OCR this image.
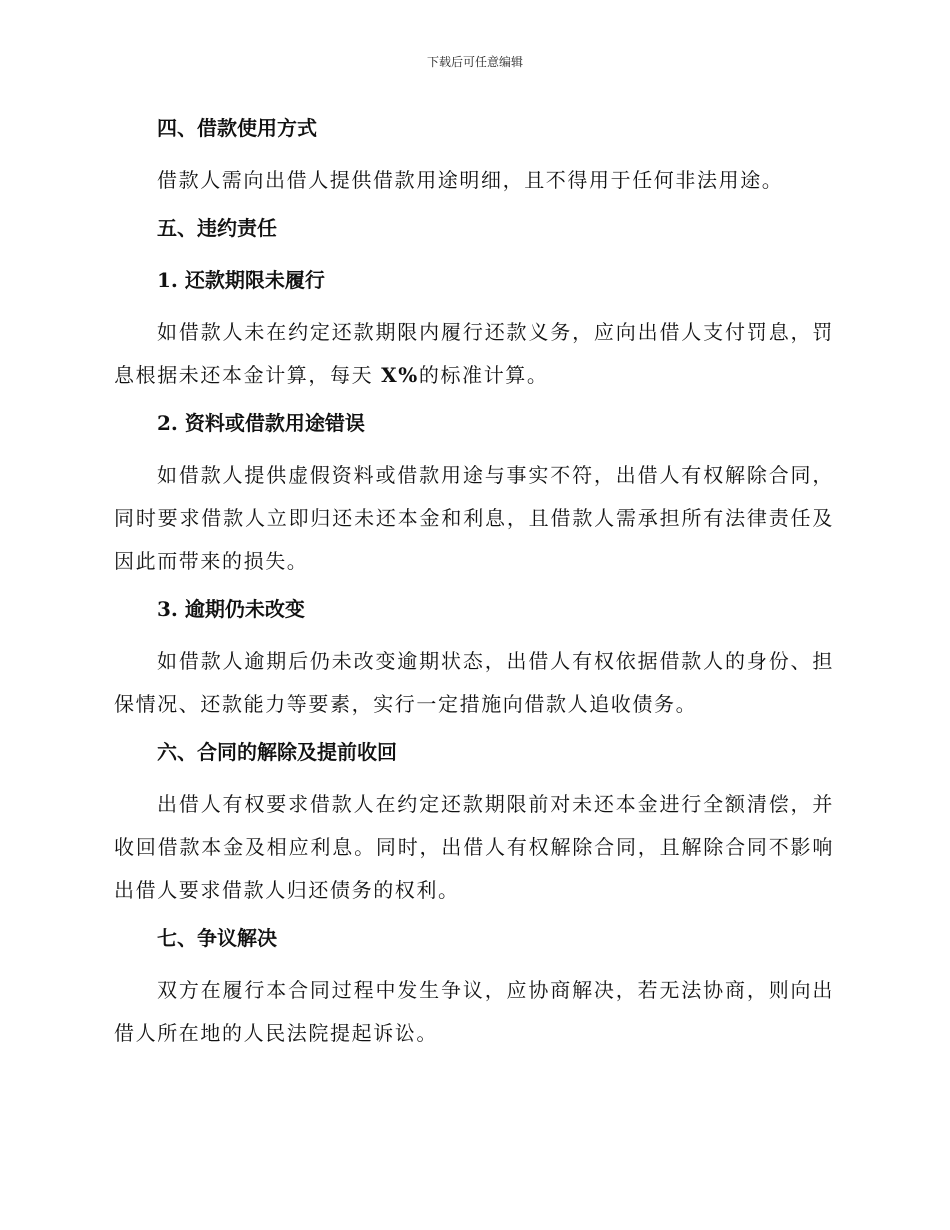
下载后可任意编辑
四、借款使用方式

借款人需向出借人提供借款用途明细，且不得用于任何非法用途。

五、违约责任
1. 还款期限未履行

如借款人未在约定还款期限内履行还款义务，应向出借人支付罚息，罚息根据未还本金计算，每天 X%的标准计算。

2. 资料或借款用途错误

如借款人提供虚假资料或借款用途与事实不符，出借人有权解除合同，同时要求借款人立即归还未还本金和利息，且借款人需承担所有法律责任及因此而带来的损失。

3. 逾期仍未改变

如借款人逾期后仍未改变逾期状态，出借人有权依据借款人的身份、担保情况、还款能力等要素，实行一定措施向借款人追收债务。

六、合同的解除及提前收回

出借人有权要求借款人在约定还款期限前对未还本金进行全额清偿，并收回借款本金及相应利息。同时，出借人有权解除合同，且解除合同不影响出借人要求借款人归还债务的权利。

七、争议解决

双方在履行本合同过程中发生争议，应协商解决，若无法协商，则向出借人所在地的人民法院提起诉讼。
